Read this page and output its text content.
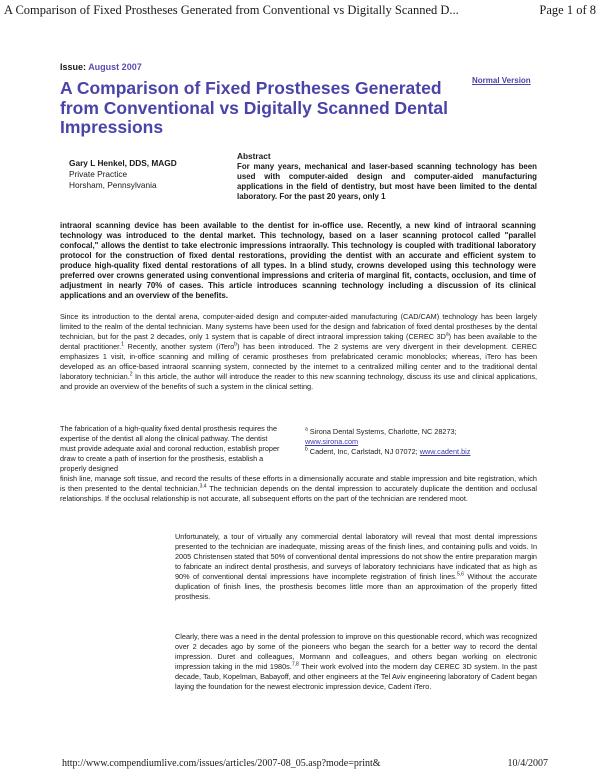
A Comparison of Fixed Prostheses Generated from Conventional vs Digitally Scanned D...	Page 1 of 8
Issue: August 2007
A Comparison of Fixed Prostheses Generated from Conventional vs Digitally Scanned Dental Impressions
Normal Version
Gary L Henkel, DDS, MAGD
Private Practice
Horsham, Pennsylvania
Abstract
For many years, mechanical and laser-based scanning technology has been used with computer-aided design and computer-aided manufacturing applications in the field of dentistry, but most have been limited to the dental laboratory. For the past 20 years, only 1
intraoral scanning device has been available to the dentist for in-office use. Recently, a new kind of intraoral scanning technology was introduced to the dental market. This technology, based on a laser scanning protocol called "parallel confocal," allows the dentist to take electronic impressions intraorally. This technology is coupled with traditional laboratory protocol for the construction of fixed dental restorations, providing the dentist with an accurate and efficient system to produce high-quality fixed dental restorations of all types. In a blind study, crowns developed using this technology were preferred over crowns generated using conventional impressions and criteria of marginal fit, contacts, occlusion, and time of adjustment in nearly 70% of cases. This article introduces scanning technology including a discussion of its clinical applications and an overview of the benefits.
Since its introduction to the dental arena, computer-aided design and computer-aided manufacturing (CAD/CAM) technology has been largely limited to the realm of the dental technician. Many systems have been used for the design and fabrication of fixed dental prostheses by the dental technician, but for the past 2 decades, only 1 system that is capable of direct intraoral impression taking (CEREC $3D^a$) has been available to the dental practitioner.$^1$ Recently, another system (iTero$^b$) has been introduced. The 2 systems are very divergent in their development. CEREC emphasizes 1 visit, in-office scanning and milling of ceramic prostheses from prefabricated ceramic monoblocks; whereas, iTero has been developed as an office-based intraoral scanning system, connected by the internet to a centralized milling center and to the traditional dental laboratory technician.$^2$ In this article, the author will introduce the reader to this new scanning technology, discuss its use and clinical applications, and provide an overview of the benefits of such a system in the clinical setting.
The fabrication of a high-quality fixed dental prosthesis requires the expertise of the dentist all along the clinical pathway. The dentist must provide adequate axial and coronal reduction, establish proper draw to create a path of insertion for the prosthesis, establish a properly designed
$^a$ Sirona Dental Systems, Charlotte, NC 28273;
www.sirona.com
$^b$ Cadent, Inc, Carlstadt, NJ 07072; www.cadent.biz
finish line, manage soft tissue, and record the results of these efforts in a dimensionally accurate and stable impression and bite registration, which is then presented to the dental technician.$^{3,4}$ The technician depends on the dental impression to accurately duplicate the dentition and occlusal relationships. If the occlusal relationship is not accurate, all subsequent efforts on the part of the technician are rendered moot.
Unfortunately, a tour of virtually any commercial dental laboratory will reveal that most dental impressions presented to the technician are inadequate, missing areas of the finish lines, and containing pulls and voids. In 2005 Christensen stated that 50% of conventional dental impressions do not show the entire preparation margin to fabricate an indirect dental prosthesis, and surveys of laboratory technicians have indicated that as high as 90% of conventional dental impressions have incomplete registration of finish lines.$^{5,6}$ Without the accurate duplication of finish lines, the prosthesis becomes little more than an approximation of the properly fitted prosthesis.
Clearly, there was a need in the dental profession to improve on this questionable record, which was recognized over 2 decades ago by some of the pioneers who began the search for a better way to record the dental impression. Duret and colleagues, Mormann and colleagues, and others began working on electronic impression taking in the mid 1980s.$^{7,8}$ Their work evolved into the modern day CEREC 3D system. In the past decade, Taub, Kopelman, Babayoff, and other engineers at the Tel Aviv engineering laboratory of Cadent began laying the foundation for the newest electronic impression device, Cadent iTero.
http://www.compendiumlive.com/issues/articles/2007-08_05.asp?mode=print&	10/4/2007
